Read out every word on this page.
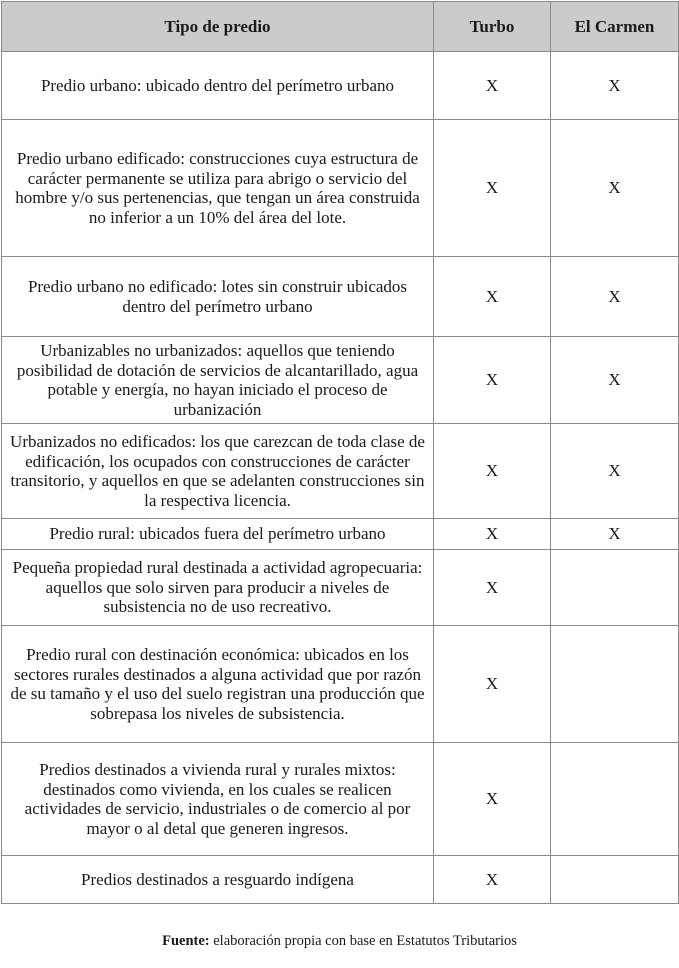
Tipo de predio	Turbo	El Carmen
Predio urbano: ubicado dentro del perímetro urbano	X	X
Predio urbano edificado: construcciones cuya estructura de carácter permanente se utiliza para abrigo o servicio del hombre y/o sus pertenencias, que tengan un área construida no inferior a un 10% del área del lote.	X	X
Predio urbano no edificado: lotes sin construir ubicados dentro del perímetro urbano	X	X
Urbanizables no urbanizados: aquellos que teniendo posibilidad de dotación de servicios de alcantarillado, agua potable y energía, no hayan iniciado el proceso de urbanización	X	X
Urbanizados no edificados: los que carezcan de toda clase de edificación, los ocupados con construcciones de carácter transitorio, y aquellos en que se adelanten construcciones sin la respectiva licencia.	X	X
Predio rural: ubicados fuera del perímetro urbano	X	X
Pequeña propiedad rural destinada a actividad agropecuaria: aquellos que solo sirven para producir a niveles de subsistencia no de uso recreativo.	X	
Predio rural con destinación económica: ubicados en los sectores rurales destinados a alguna actividad que por razón de su tamaño y el uso del suelo registran una producción que sobrepasa los niveles de subsistencia.	X	
Predios destinados a vivienda rural y rurales mixtos: destinados como vivienda, en los cuales se realicen actividades de servicio, industriales o de comercio al por mayor o al detal que generen ingresos.	X	
Predios destinados a resguardo indígena	X	
Fuente: elaboración propia con base en Estatutos Tributarios
